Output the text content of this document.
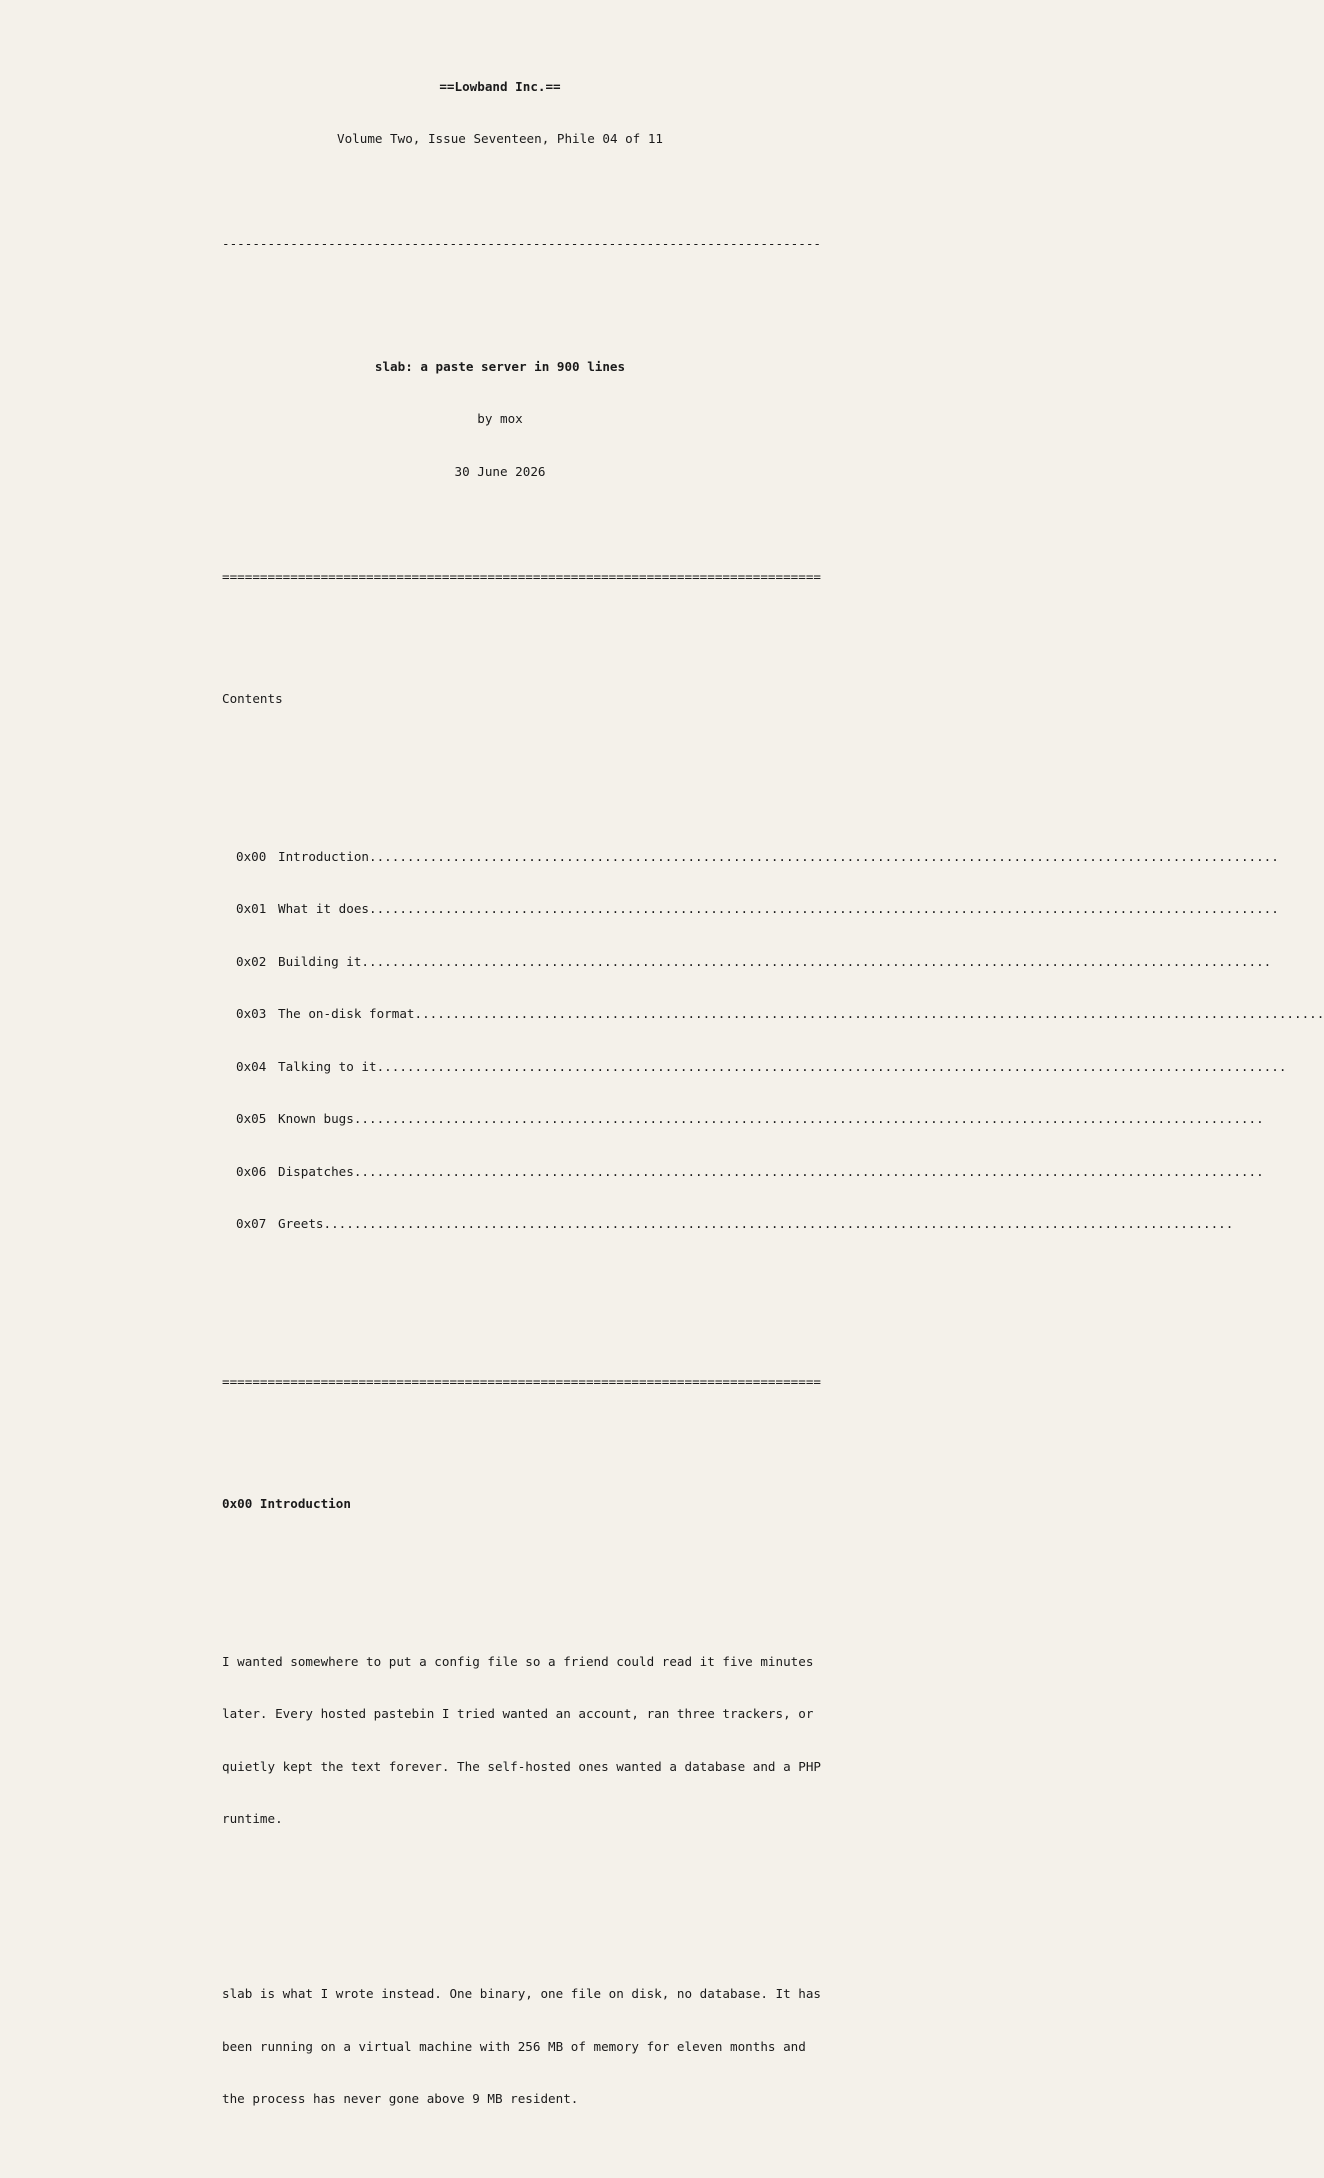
==Lowband Inc.==

Volume Two, Issue Seventeen, Phile 04 of 11

-------------------------------------------------------------------------------

slab: a paste server in 900 lines

by mox

30 June 2026

===============================================================================

Contents

0x00 Introduction ........................................................................................................................

0x01 What it does ........................................................................................................................

0x02 Building it ........................................................................................................................

0x03 The on-disk format ........................................................................................................................

0x04 Talking to it ........................................................................................................................

0x05 Known bugs ........................................................................................................................

0x06 Dispatches ........................................................................................................................

0x07 Greets ........................................................................................................................

===============================================================================

0x00 Introduction

I wanted somewhere to put a config file so a friend could read it five minutes

later. Every hosted pastebin I tried wanted an account, ran three trackers, or

quietly kept the text forever. The self-hosted ones wanted a database and a PHP

runtime.

slab is what I wrote instead. One binary, one file on disk, no database. It has

been running on a virtual machine with 256 MB of memory for eleven months and

the process has never gone above 9 MB resident.
